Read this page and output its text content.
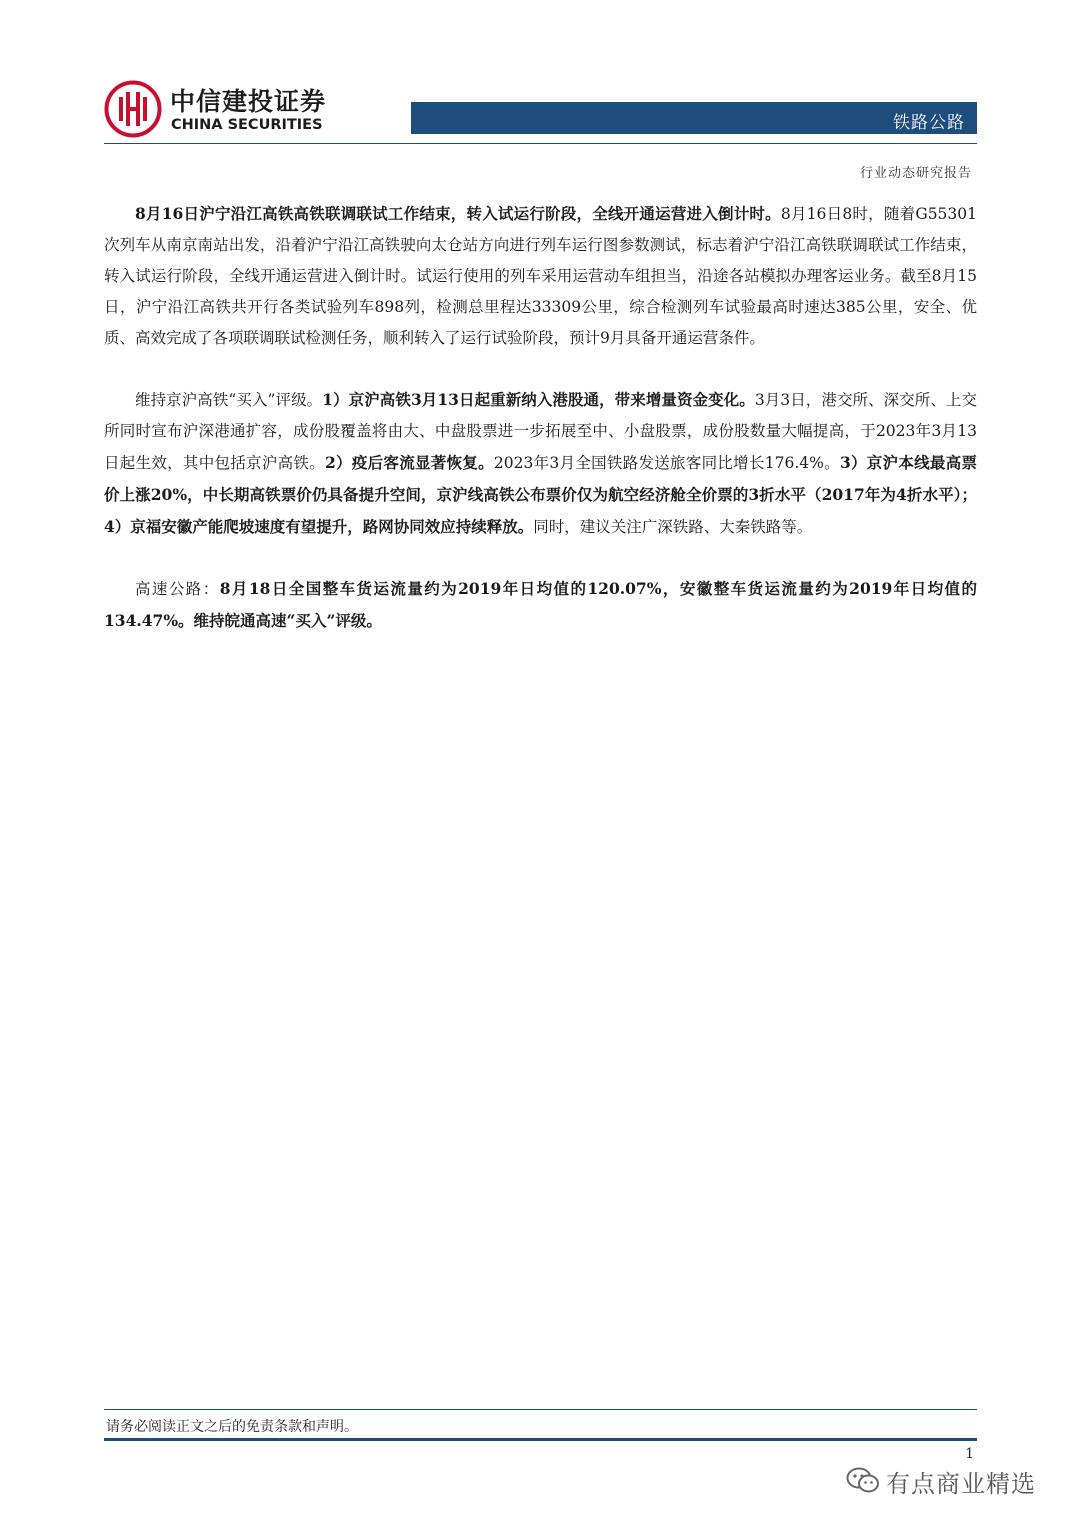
中信建投证券
CHINA SECURITIES	铁路公路
行业动态研究报告

8月16日沪宁沿江高铁高铁联调联试工作结束，转入试运行阶段，全线开通运营进入倒计时。8月16日8时，随着G55301次列车从南京南站出发，沿着沪宁沿江高铁驶向太仓站方向进行列车运行图参数测试，标志着沪宁沿江高铁联调联试工作结束，转入试运行阶段，全线开通运营进入倒计时。试运行使用的列车采用运营动车组担当，沿途各站模拟办理客运业务。截至8月15日，沪宁沿江高铁共开行各类试验列车898列，检测总里程达33309公里，综合检测列车试验最高时速达385公里，安全、优质、高效完成了各项联调联试检测任务，顺利转入了运行试验阶段，预计9月具备开通运营条件。

维持京沪高铁“买入”评级。1）京沪高铁3月13日起重新纳入港股通，带来增量资金变化。3月3日，港交所、深交所、上交所同时宣布沪深港通扩容，成份股覆盖将由大、中盘股票进一步拓展至中、小盘股票，成份股数量大幅提高，于2023年3月13日起生效，其中包括京沪高铁。2）疫后客流显著恢复。2023年3月全国铁路发送旅客同比增长176.4%。3）京沪本线最高票价上涨20%，中长期高铁票价仍具备提升空间，京沪线高铁公布票价仅为航空经济舱全价票的3折水平（2017年为4折水平）；4）京福安徽产能爬坡速度有望提升，路网协同效应持续释放。同时，建议关注广深铁路、大秦铁路等。

高速公路：8月18日全国整车货运流量约为2019年日均值的120.07%，安徽整车货运流量约为2019年日均值的134.47%。维持皖通高速“买入”评级。

请务必阅读正文之后的免责条款和声明。
1
有点商业精选
